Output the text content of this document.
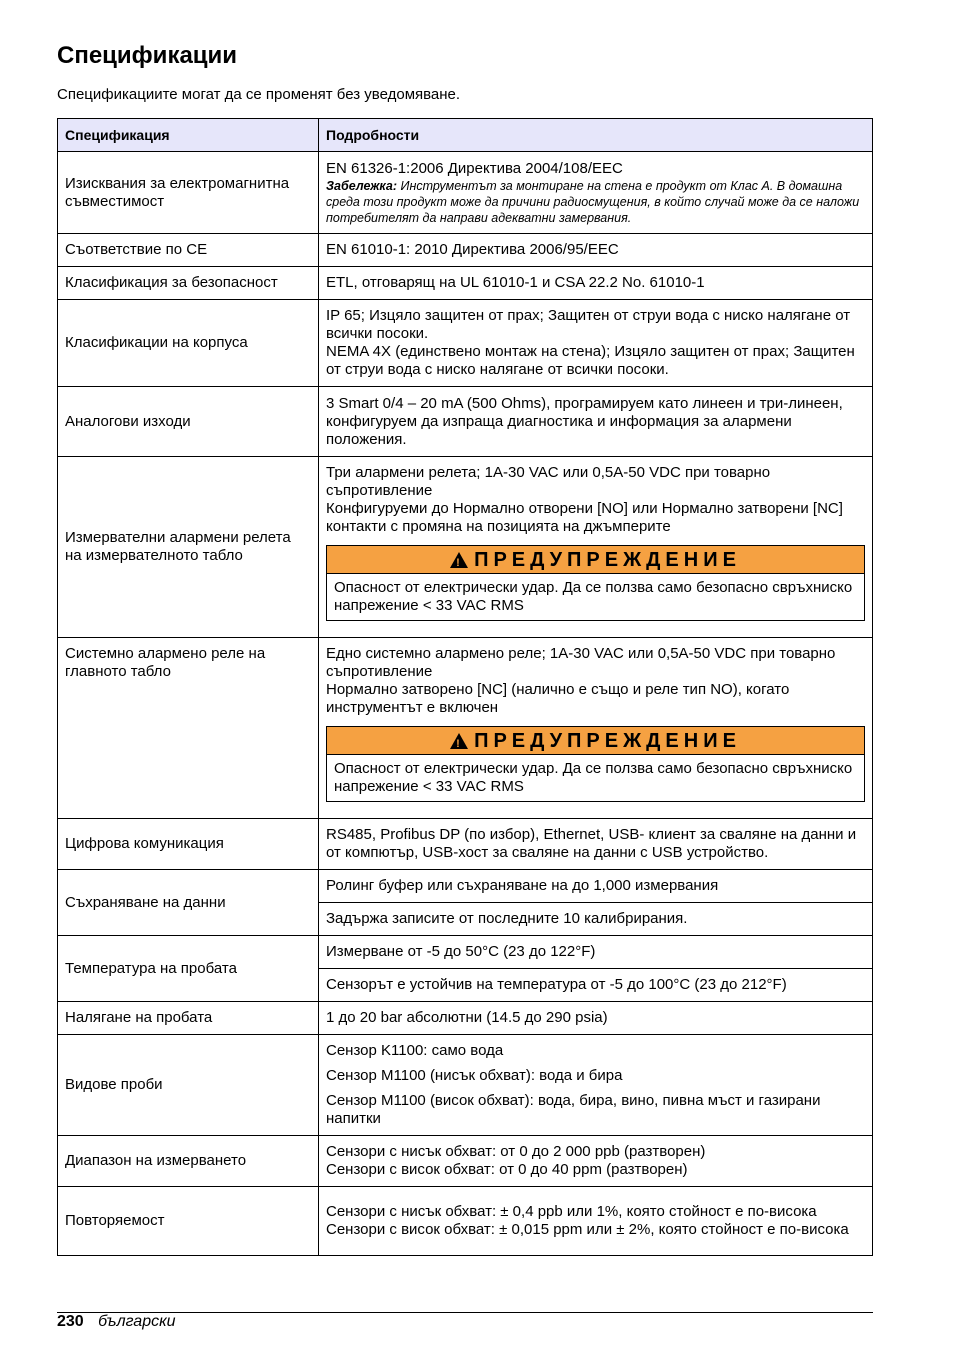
Спецификации

Спецификациите могат да се променят без уведомяване.

Спецификация	Подробности
Изисквания за електромагнитна съвместимост	EN 61326-1:2006 Директива 2004/108/EEC
Забележка: Инструментът за монтиране на стена е продукт от Клас А. В домашна среда този продукт може да причини радиосмущения, в който случай може да се наложи потребителят да направи адекватни замервания.

Съответствие по CE	EN 61010-1: 2010 Директива 2006/95/EEC
Класификация за безопасност	ETL, отговарящ на UL 61010-1 и CSA 22.2 No. 61010-1
Класификации на корпуса	IP 65; Изцяло защитен от прах; Защитен от струи вода с ниско налягане от всички посоки.
NEMA 4X (единствено монтаж на стена); Изцяло защитен от прах; Защитен от струи вода с ниско налягане от всички посоки.

Аналогови изходи	3 Smart 0/4 – 20 mA (500 Ohms), програмируем като линеен и три-линеен, конфигуруем да изпраща диагностика и информация за алармени положения.
Измервателни алармени релета на измервателното табло	Три алармени релета; 1A-30 VAC или 0,5A-50 VDC при товарно съпротивление
Конфигуруеми до Нормално отворени [NO] или Нормално затворени [NC] контакти с промяна на позицията на джъмперите
!
ПРЕДУПРЕЖДЕНИЕ
Опасност от електрически удар. Да се ползва само безопасно свръхниско напрежение < 33 VAC RMS

Системно алармено реле на главното табло	Едно системно алармено реле; 1A-30 VAC или 0,5A-50 VDC при товарно съпротивление
Нормално затворено [NC] (налично е също и реле тип NO), когато инструментът е включен
!
ПРЕДУПРЕЖДЕНИЕ
Опасност от електрически удар. Да се ползва само безопасно свръхниско напрежение < 33 VAC RMS

Цифрова комуникация	RS485, Profibus DP (по избор), Ethernet, USB- клиент за сваляне на данни и от компютър, USB-хост за сваляне на данни с USB устройство.
Съхраняване на данни	Ролинг буфер или съхраняване на до 1,000 измервания
	Задържа записите от последните 10 калибрирания.
Температура на пробата	Измерване от -5 до 50°C (23 до 122°F)
	Сензорът е устойчив на температура от -5 до 100°C (23 до 212°F)
Налягане на пробата	1 до 20 bar абсолютни (14.5 до 290 psia)
Видове проби	Сензор K1100: само вода
Сензор M1100 (нисък обхват): вода и бира
Сензор M1100 (висок обхват): вода, бира, вино, пивна мъст и газирани напитки

Диапазон на измерването	Сензори с нисък обхват: от 0 до 2 000 ppb (разтворен)
Сензори с висок обхват: от 0 до 40 ppm (разтворен)

Повторяемост	Сензори с нисък обхват: ± 0,4 ppb или 1%, която стойност е по-висока
Сензори с висок обхват: ± 0,015 ppm или ± 2%, която стойност е по-висока
230 български
